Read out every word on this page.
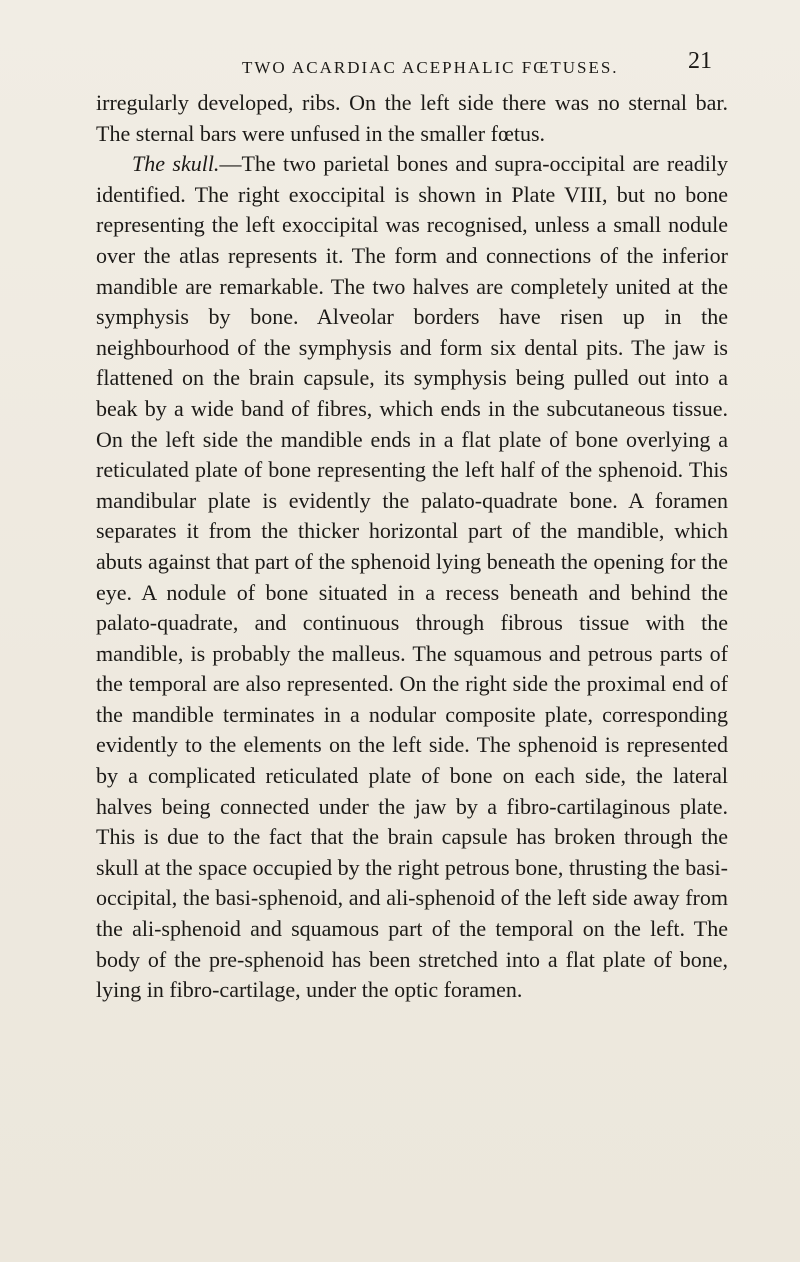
TWO ACARDIAC ACEPHALIC FŒTUSES.	21

irregularly developed, ribs. On the left side there was no sternal bar. The sternal bars were unfused in the smaller fœtus.

The skull.—The two parietal bones and supra-occipital are readily identified. The right exoccipital is shown in Plate VIII, but no bone representing the left exoccipital was recognised, unless a small nodule over the atlas represents it. The form and connections of the inferior mandible are remarkable. The two halves are completely united at the symphysis by bone. Alveolar borders have risen up in the neighbourhood of the symphysis and form six dental pits. The jaw is flattened on the brain capsule, its symphysis being pulled out into a beak by a wide band of fibres, which ends in the subcutaneous tissue. On the left side the mandible ends in a flat plate of bone overlying a reticulated plate of bone representing the left half of the sphenoid. This mandibular plate is evidently the palato-quadrate bone. A foramen separates it from the thicker horizontal part of the mandible, which abuts against that part of the sphenoid lying beneath the opening for the eye. A nodule of bone situated in a recess beneath and behind the palato-quadrate, and continuous through fibrous tissue with the mandible, is probably the malleus. The squamous and petrous parts of the temporal are also represented. On the right side the proximal end of the mandible terminates in a nodular composite plate, corresponding evidently to the elements on the left side. The sphenoid is represented by a complicated reticulated plate of bone on each side, the lateral halves being connected under the jaw by a fibro-cartilaginous plate. This is due to the fact that the brain capsule has broken through the skull at the space occupied by the right petrous bone, thrusting the basi-occipital, the basi-sphenoid, and ali-sphenoid of the left side away from the ali-sphenoid and squamous part of the temporal on the left. The body of the pre-sphenoid has been stretched into a flat plate of bone, lying in fibro-cartilage, under the optic foramen.
